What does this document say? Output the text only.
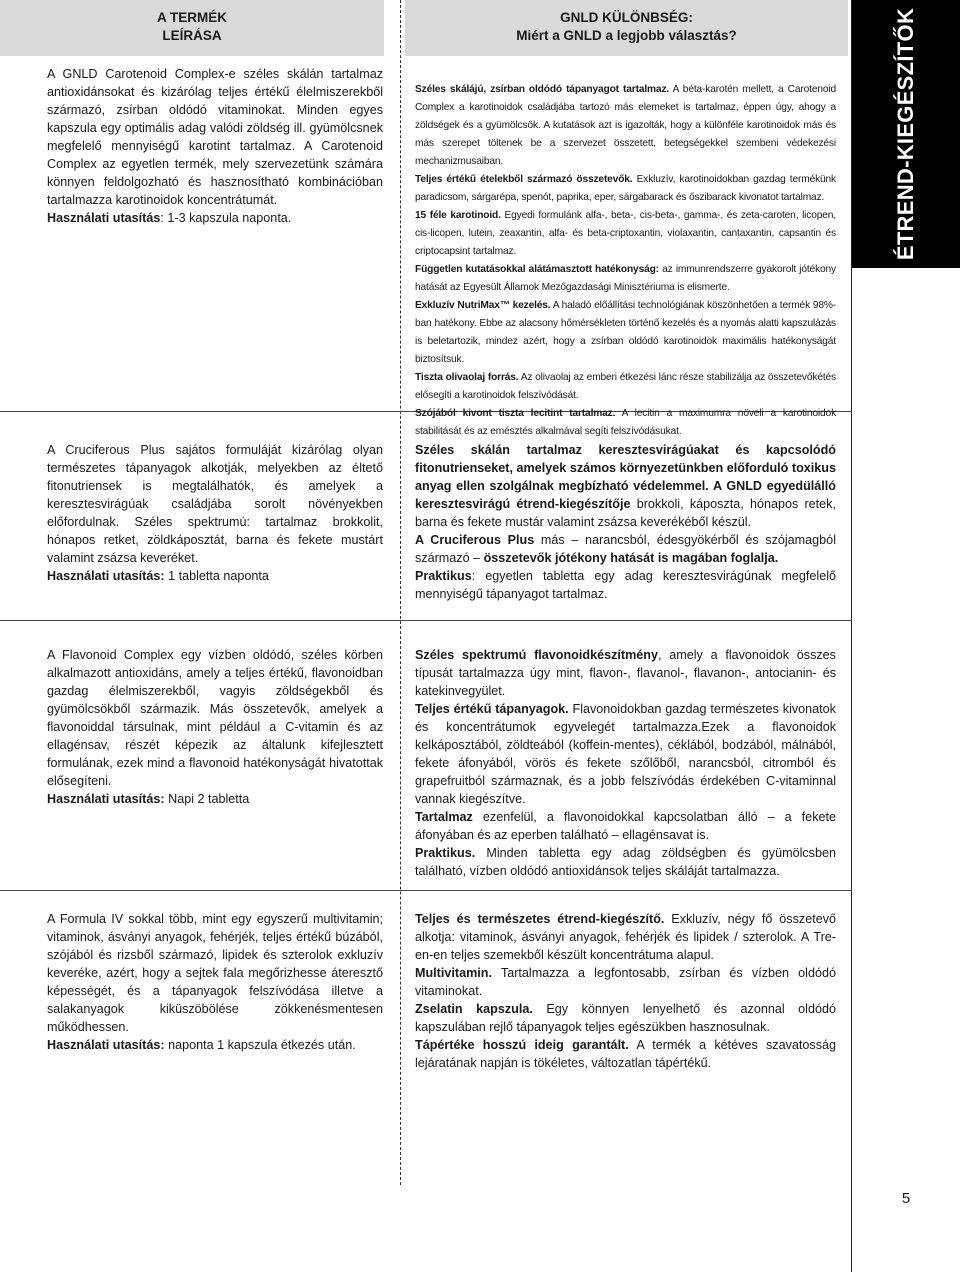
A TERMÉK
LEÍRÁSA
GNLD KÜLÖNBSÉG:
Miért a GNLD a legjobb választás?	ÉTREND-KIEGÉSZÍTŐK
5

A GNLD Carotenoid Complex-e széles skálán tartalmaz antioxidánsokat és kizárólag teljes értékű élelmiszerekből származó, zsírban oldódó vitaminokat. Minden egyes kapszula egy optimális adag valódi zöldség ill. gyümölcsnek megfelelő mennyiségű karotint tartalmaz. A Carotenoid Complex az egyetlen termék, mely szervezetünk számára könnyen feldolgozható és hasznosítható kombinációban tartalmazza karotinoidok koncentrátumát.

Használati utasítás: 1-3 kapszula naponta.

Széles skálájú, zsírban oldódó tápanyagot tartalmaz. A béta-karotén mellett, a Carotenoid Complex a karotinoidok családjába tartozó más elemeket is tartalmaz, éppen úgy, ahogy a zöldségek és a gyümölcsök. A kutatások azt is igazolták, hogy a különféle karotinoidok más és más szerepet töltenek be a szervezet összetett, betegségekkel szembeni védekezési mechanizmusaiban.

Teljes értékű ételekből származó összetevők. Exkluzív, karotinoidokban gazdag termékünk paradicsom, sárgarépa, spenót, paprika, eper, sárgabarack és őszibarack kivonatot tartalmaz.

15 féle karotinoid. Egyedi formulánk alfa-, beta-, cis-beta-, gamma-, és zeta-caroten, licopen, cis-licopen, lutein, zeaxantin, alfa- és beta-criptoxantin, violaxantin, cantaxantin, capsantin és criptocapsint tartalmaz.

Független kutatásokkal alátámasztott hatékonyság: az immunrendszerre gyakorolt jótékony hatását az Egyesült Államok Mezőgazdasági Minisztériuma is elismerte.

Exkluzív NutriMax™ kezelés. A haladó előállítási technológiának köszönhetően a termék 98%-ban hatékony. Ebbe az alacsony hőmérsékleten történő kezelés és a nyomás alatti kapszulázás is beletartozik, mindez azért, hogy a zsírban oldódó karotinoidok maximális hatékonyságát biztosítsuk.

Tiszta olivaolaj forrás. Az olivaolaj az emberi étkezési lánc része stabilizálja az összetevőkétés elősegíti a karotinoidok felszívódását.

Szójából kivont tiszta lecitint tartalmaz. A lecitin a maximumra növeli a karotinoidok stabilitását és az emésztés alkalmával segíti felszívódásukat.

A Cruciferous Plus sajátos formuláját kizárólag olyan természetes tápanyagok alkotják, melyekben az éltető fitonutriensek is megtalálhatók, és amelyek a keresztesvirágúak családjába sorolt növényekben előfordulnak. Széles spektrumú: tartalmaz brokkolit, hónapos retket, zöldkáposztát, barna és fekete mustárt valamint zsázsa keveréket.

Használati utasítás: 1 tabletta naponta

Széles skálán tartalmaz keresztesvirágúakat és kapcsolódó fitonutrienseket, amelyek számos környezetünkben előforduló toxikus anyag ellen szolgálnak megbízható védelemmel. A GNLD egyedülálló keresztesvirágú étrend-kiegészítője brokkoli, káposzta, hónapos retek, barna és fekete mustár valamint zsázsa keverékéből készül.

A Cruciferous Plus más – narancsból, édesgyökérből és szójamagból származó – összetevők jótékony hatását is magában foglalja.

Praktikus: egyetlen tabletta egy adag keresztesvirágúnak megfelelő mennyiségű tápanyagot tartalmaz.

A Flavonoid Complex egy vízben oldódó, széles körben alkalmazott antioxidáns, amely a teljes értékű, flavonoidban gazdag élelmiszerekből, vagyis zöldségekből és gyümölcsökből származik. Más összetevők, amelyek a flavonoiddal társulnak, mint például a C-vitamin és az ellagénsav, részét képezik az általunk kifejlesztett formulának, ezek mind a flavonoid hatékonyságát hivatottak elősegíteni.

Használati utasítás: Napi 2 tabletta

Széles spektrumú flavonoidkészítmény, amely a flavonoidok összes típusát tartalmazza úgy mint, flavon-, flavanol-, flavanon-, antocianin- és katekinvegyület.

Teljes értékű tápanyagok. Flavonoidokban gazdag természetes kivonatok és koncentrátumok egyvelegét tartalmazza.Ezek a flavonoidok kelkáposztából, zöldteából (koffein-mentes), céklából, bodzából, málnából, fekete áfonyából, vörös és fekete szőlőből, narancsból, citromból és grapefruitból származnak, és a jobb felszívódás érdekében C-vitaminnal vannak kiegészítve.

Tartalmaz ezenfelül, a flavonoidokkal kapcsolatban álló – a fekete áfonyában és az eperben található – ellagénsavat is.

Praktikus. Minden tabletta egy adag zöldségben és gyümölcsben található, vízben oldódó antioxidánsok teljes skáláját tartalmazza.

A Formula IV sokkal több, mint egy egyszerű multivitamin; vitaminok, ásványi anyagok, fehérjék, teljes értékű búzából, szójából és rizsből származó, lipidek és szterolok exkluzív keveréke, azért, hogy a sejtek fala megőrizhesse áteresztő képességét, és a tápanyagok felszívódása illetve a salakanyagok kiküszöbölése zökkenésmentesen működhessen.

Használati utasítás: naponta 1 kapszula étkezés után.

Teljes és természetes étrend-kiegészítő. Exkluzív, négy fő összetevő alkotja: vitaminok, ásványi anyagok, fehérjék és lipidek / szterolok. A Tre-en-en teljes szemekből készült koncentrátuma alapul.

Multivitamin. Tartalmazza a legfontosabb, zsírban és vízben oldódó vitaminokat.

Zselatin kapszula. Egy könnyen lenyelhető és azonnal oldódó kapszulában rejlő tápanyagok teljes egészükben hasznosulnak.

Tápértéke hosszú ideig garantált. A termék a kétéves szavatosság lejáratának napján is tökéletes, változatlan tápértékű.
